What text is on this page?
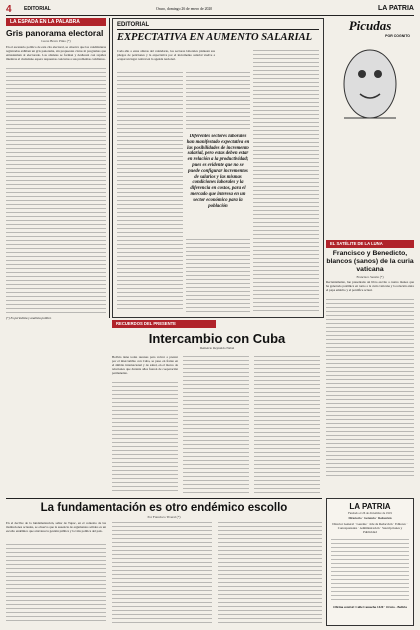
4 EDITORIAL	Oruro, domingo 26 de enero de 2020	LA PATRIA
LA ESPADA EN LA PALABRA
Gris panorama electoral
Lucas Bravo Pinto (*)
En el escenario político de esta cita electoral, se observa que las candidaturas registradas exhiben un gris panorama, sin propuestas claras ni programas que entusiasmen al electorado. Las alianzas se forman y deshacen con rapidez mientras el ciudadano espera respuestas concretas a sus problemas cotidianos.
(*) Es periodista y analista político
EDITORIAL
EXPECTATIVA EN AUMENTO SALARIAL
Cada año a estas alturas del calendario, los sectores laborales plantean sus pliegos de peticiones y la expectativa por el incremento salarial vuelve a ocupar un lugar central en la agenda nacional.
Diferentes sectores laborales han manifestado expectativa en las posibilidades de incremento salarial, pero estas deben estar en relación a la productividad; pues es evidente que no se puede configurar incrementos de salarios y las mismas condiciones laborales y la diferencia en costos, para el mercado que interesa en un sector económico para la población
Picudas
POR COGNITO
EL SATÉLITE DE LA LUNA
Francisco y Benedicto, blancos (sanos) de la curia vaticana
Francisco Sesión (*)
Recientemente, fue presentado un libro escrito a cuatro manos que ha generado polémica en torno a la curia vaticana y la relación entre el papa emérito y el pontífice actual.
RECUERDOS DEL PRESENTE
Intercambio con Cuba
Demetrio Reynaldo Nabal
Bolivia tiene todas razones para volver a prestar por el intercambio con Cuba, se puso en frente en el ámbito internacional y de salud, en el marco de relaciones que durante años fueron de cooperación permanente.
La fundamentación es otro endémico escollo
Por Francisco Tiveral (*)
En el declive de la fundamentación, señor de Tupac, en el contexto de las instituciones actuales, se observa que la ausencia de argumentos sólidos es un escollo endémico que atraviesa la gestión pública y la vida política del país.
LA PATRIA
Fundado el 26 de diciembre de 1919
Directorio · Gerencia · Redacción
Director General · Gerente · Jefe de Redacción · Editores · Corresponsales · Administración · Suscripciones y Publicidad
Oficina central: Calle Camacho 1420 · Oruro - Bolivia
